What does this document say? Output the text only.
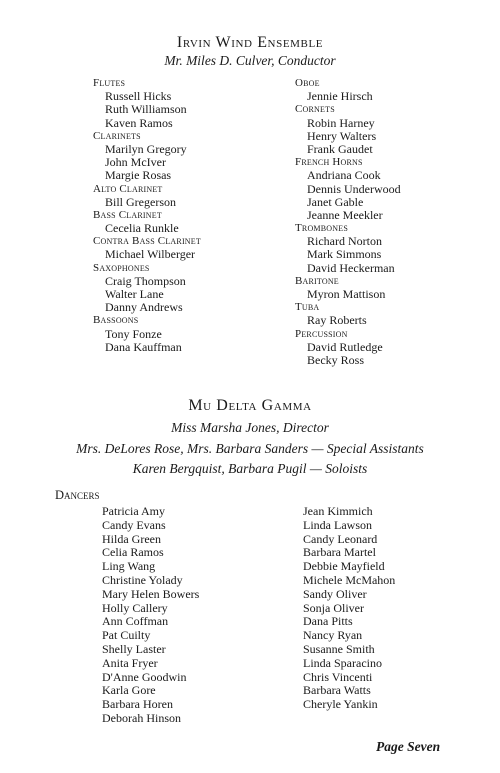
Irvin Wind Ensemble
Mr. Miles D. Culver, Conductor
Flutes
Russell Hicks
Ruth Williamson
Kaven Ramos
Clarinets
Marilyn Gregory
John McIver
Margie Rosas
Alto Clarinet
Bill Gregerson
Bass Clarinet
Cecelia Runkle
Contra Bass Clarinet
Michael Wilberger
Saxophones
Craig Thompson
Walter Lane
Danny Andrews
Bassoons
Tony Fonze
Dana Kauffman
Oboe
Jennie Hirsch
Cornets
Robin Harney
Henry Walters
Frank Gaudet
French Horns
Andriana Cook
Dennis Underwood
Janet Gable
Jeanne Meekler
Trombones
Richard Norton
Mark Simmons
David Heckerman
Baritone
Myron Mattison
Tuba
Ray Roberts
Percussion
David Rutledge
Becky Ross
Mu Delta Gamma
Miss Marsha Jones, Director
Mrs. DeLores Rose, Mrs. Barbara Sanders — Special Assistants
Karen Bergquist, Barbara Pugil — Soloists
Dancers
Patricia Amy
Candy Evans
Hilda Green
Celia Ramos
Ling Wang
Christine Yolady
Mary Helen Bowers
Holly Callery
Ann Coffman
Pat Cuilty
Shelly Laster
Anita Fryer
D'Anne Goodwin
Karla Gore
Barbara Horen
Deborah Hinson
Jean Kimmich
Linda Lawson
Candy Leonard
Barbara Martel
Debbie Mayfield
Michele McMahon
Sandy Oliver
Sonja Oliver
Dana Pitts
Nancy Ryan
Susanne Smith
Linda Sparacino
Chris Vincenti
Barbara Watts
Cheryle Yankin
Page Seven
